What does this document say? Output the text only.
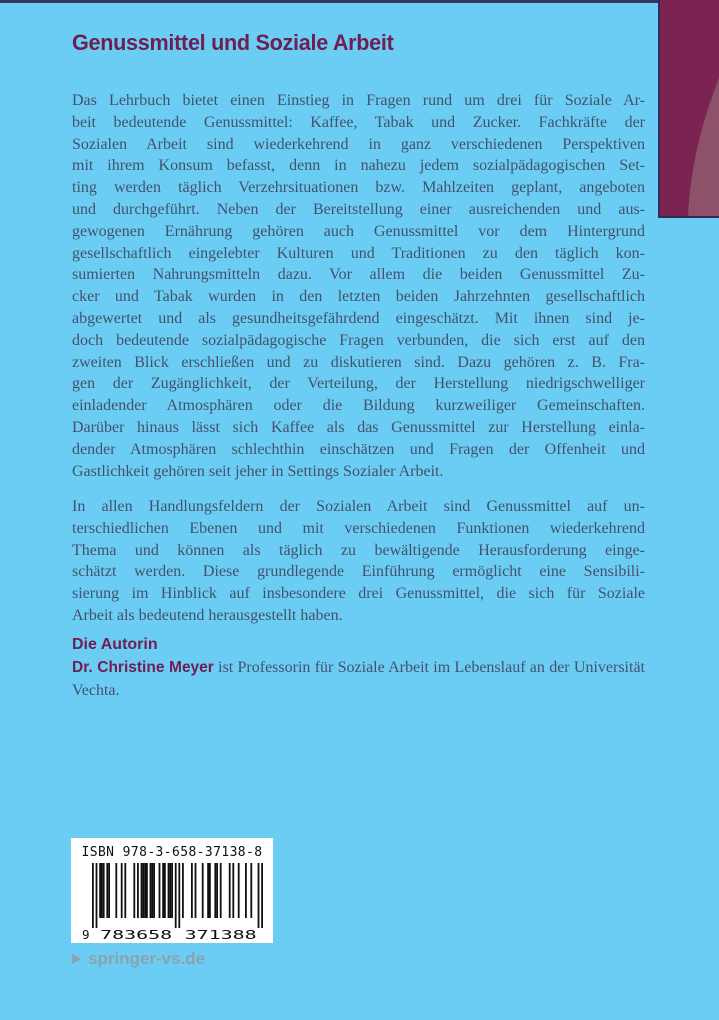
Genussmittel und Soziale Arbeit
Das Lehrbuch bietet einen Einstieg in Fragen rund um drei für Soziale Ar-
beit bedeutende Genussmittel: Kaffee, Tabak und Zucker. Fachkräfte der
Sozialen Arbeit sind wiederkehrend in ganz verschiedenen Perspektiven
mit ihrem Konsum befasst, denn in nahezu jedem sozialpädagogischen Set-
ting werden täglich Verzehrsituationen bzw. Mahlzeiten geplant, angeboten
und durchgeführt. Neben der Bereitstellung einer ausreichenden und aus-
gewogenen Ernährung gehören auch Genussmittel vor dem Hintergrund
gesellschaftlich eingelebter Kulturen und Traditionen zu den täglich kon-
sumierten Nahrungsmitteln dazu. Vor allem die beiden Genussmittel Zu-
cker und Tabak wurden in den letzten beiden Jahrzehnten gesellschaftlich
abgewertet und als gesundheitsgefährdend eingeschätzt. Mit ihnen sind je-
doch bedeutende sozialpädagogische Fragen verbunden, die sich erst auf den
zweiten Blick erschließen und zu diskutieren sind. Dazu gehören z. B. Fra-
gen der Zugänglichkeit, der Verteilung, der Herstellung niedrigschwelliger
einladender Atmosphären oder die Bildung kurzweiliger Gemeinschaften.
Darüber hinaus lässt sich Kaffee als das Genussmittel zur Herstellung einla-
dender Atmosphären schlechthin einschätzen und Fragen der Offenheit und
Gastlichkeit gehören seit jeher in Settings Sozialer Arbeit.
In allen Handlungsfeldern der Sozialen Arbeit sind Genussmittel auf un-
terschiedlichen Ebenen und mit verschiedenen Funktionen wiederkehrend
Thema und können als täglich zu bewältigende Herausforderung einge-
schätzt werden. Diese grundlegende Einführung ermöglicht eine Sensibili-
sierung im Hinblick auf insbesondere drei Genussmittel, die sich für Soziale
Arbeit als bedeutend herausgestellt haben.
Die Autorin
Dr. Christine Meyer ist Professorin für Soziale Arbeit im Lebenslauf an der Universität Vechta.
ISBN 978-3-658-37138-8
9 783658 371388
springer-vs.de
